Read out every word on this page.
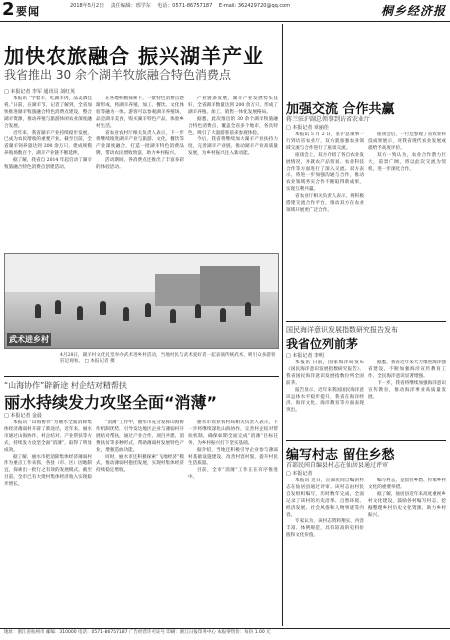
2 要闻	2018年5月2日 责任编辑：邢学东 电话：0571-86757187 E-mail: 362429720@qq.com	桐乡经济报
加快农旅融合 振兴湖羊产业
我省推出 30 余个湖羊牧旅融合特色消费点
□ 本报记者 李军 通讯员 刘红英

本报讯 “学着羊，吃湖羊肉，品美酒佳肴。”日前，在湖羊节，记者了解到，全省加快推进湖羊牧旅融合特色消费点建设，整合湖羊资源，推动养殖与旅游休闲农业深度融合发展。

近年来，我省湖羊产业持续稳步发展，已成为农民增收的重要产业。截至目前，全省湖羊饲养量达到 200 余万只，建成规模养殖场数百个，湖羊产业链不断延伸。

据了解，我省自 2014 年起启动了湖羊牧旅融合特色消费点创建活动。

在各地积极探索下，一批特色消费点逐渐形成，将湖羊养殖、加工、餐饮、文化体验等融为一体。游客可以参观湖羊养殖场，品尝湖羊美食，购买湖羊特色产品，体验乡村生活。

省农业农村厅相关负责人表示，下一步将继续推进湖羊产业与旅游、文化、餐饮等产业深度融合，打造一批湖羊特色消费品牌，带动农民增收致富，助力乡村振兴。

活动期间，各消费点还推出了丰富多彩的体验活动。

产业链条发展，湖羊产业发展势头良好，全省湖羊数量达到 200 余万只，形成了湖羊养殖、加工、销售一体化发展格局。

据悉，此次推出的 30 余个湖羊牧旅融合特色消费点，覆盖全省多个地市，各具特色，吸引了大量游客前来参观体验。

今后，我省将继续加大湖羊产业扶持力度，完善湖羊产业链，推动湖羊产业高质量发展，为乡村振兴注入新动能。

武术进乡村
4月28日，湖羊村文化礼堂举办武术进乡村活动，当地村民与武术爱好者一起表演传统武术，吸引众多游客驻足观看。 □ 本报记者 摄
“山海协作”辟新途 村企结对精帮扶
丽水持续发力攻坚全面“消薄”
□ 本报记者 金晨

本报讯 “山海协作”为丽水全面消除集体经济薄弱村开辟了新途径。近年来，丽水市通过山海协作、村企结对、产业帮扶等方式，持续发力攻坚全面“消薄”，取得了明显成效。

据了解，丽水市把消除集体经济薄弱村作为重点工作来抓，各县（市、区）因地制宜，探索出一批行之有效的发展模式。截至目前，全市已有大批村集体经济收入实现稳步增长。

“消薄”工作中，丽水市充分发挥山海协作机制优势，引导发达地区企业与薄弱村开展结对帮扶，通过产业合作、项目共建、消费扶贫等多种形式，帮助薄弱村发展特色产业，增强造血功能。

同时，丽水市还积极探索“飞地经济”模式，推动薄弱村抱团发展，实现村集体经济持续稳定增收。

丽水市农业农村局相关负责人表示，下一步将继续深化山海协作，完善村企结对帮扶机制，确保如期全面完成“消薄”目标任务，为乡村振兴打下坚实基础。

据介绍，当地还积极引导企业参与薄弱村基础设施建设，改善村容村貌，提升村民生活质量。

目前，全市“消薄”工作正在有序推进中。

加强交流 合作共赢
蒋兰驻沪副总领事到访省农业厅
□ 本报记者 章丽佳

本报讯 5 月 2 日，驻沪总领事一行到访省农业厅，双方就加强农业领域交流与合作进行了座谈交流。

座谈会上，双方介绍了各自农业发展情况，并就农产品贸易、农业科技合作等方面进行了深入交流。双方表示，将进一步加强沟通与合作，推动农业领域务实合作不断取得新成果，实现互利共赢。

省农业厅相关负责人表示，将积极搭建交流合作平台，推动双方在农业领域开展更广泛合作。

座谈会后，一行还参观了省农业科技成果展示，对我省现代农业发展成就给予高度评价。

双方一致认为，农业合作潜力巨大，前景广阔，将以此次交流为契机，进一步深化合作。

国民海洋意识发展指数研究报告发布
我省位列前茅
□ 本报记者 李明

本报讯 日前，国家海洋局发布《国民海洋意识发展指数研究报告》，我省国民海洋意识发展指数位列全国前茅。

报告显示，近年来我国国民海洋意识总体水平稳步提升，我省在海洋经济、海洋文化、海洋教育等方面表现突出。

据悉，我省近年来大力推进海洋强省建设，不断加强海洋宣传教育工作，全民海洋意识显著增强。

下一步，我省将继续加强海洋意识宣传教育，推动海洋事业高质量发展。

编写村志 留住乡愁
首部民间自编县村志在仙居县通过评审
□ 本报记者

本报讯 近日，首部民间自编的村志在仙居县通过评审。该村志由村民自发组织编写，历时数年完成，全面记录了该村的历史沿革、自然环境、经济发展、社会风俗和人物事迹等内容。

专家认为，该村志资料翔实、内容丰富、体例规范，具有较高的史料价值和文化价值。

编写村志，是留住乡愁、传承乡村文化的重要举措。

据了解，仙居县近年来高度重视乡村文化建设，鼓励各村编写村志，挖掘整理乡村历史文化资源，助力乡村振兴。

地址：浙江省杭州市 邮编：310000 电话：0571-86757187 广告经营许可证号 印刷：浙江日报印务中心 本报零售价：每份 1.00 元
